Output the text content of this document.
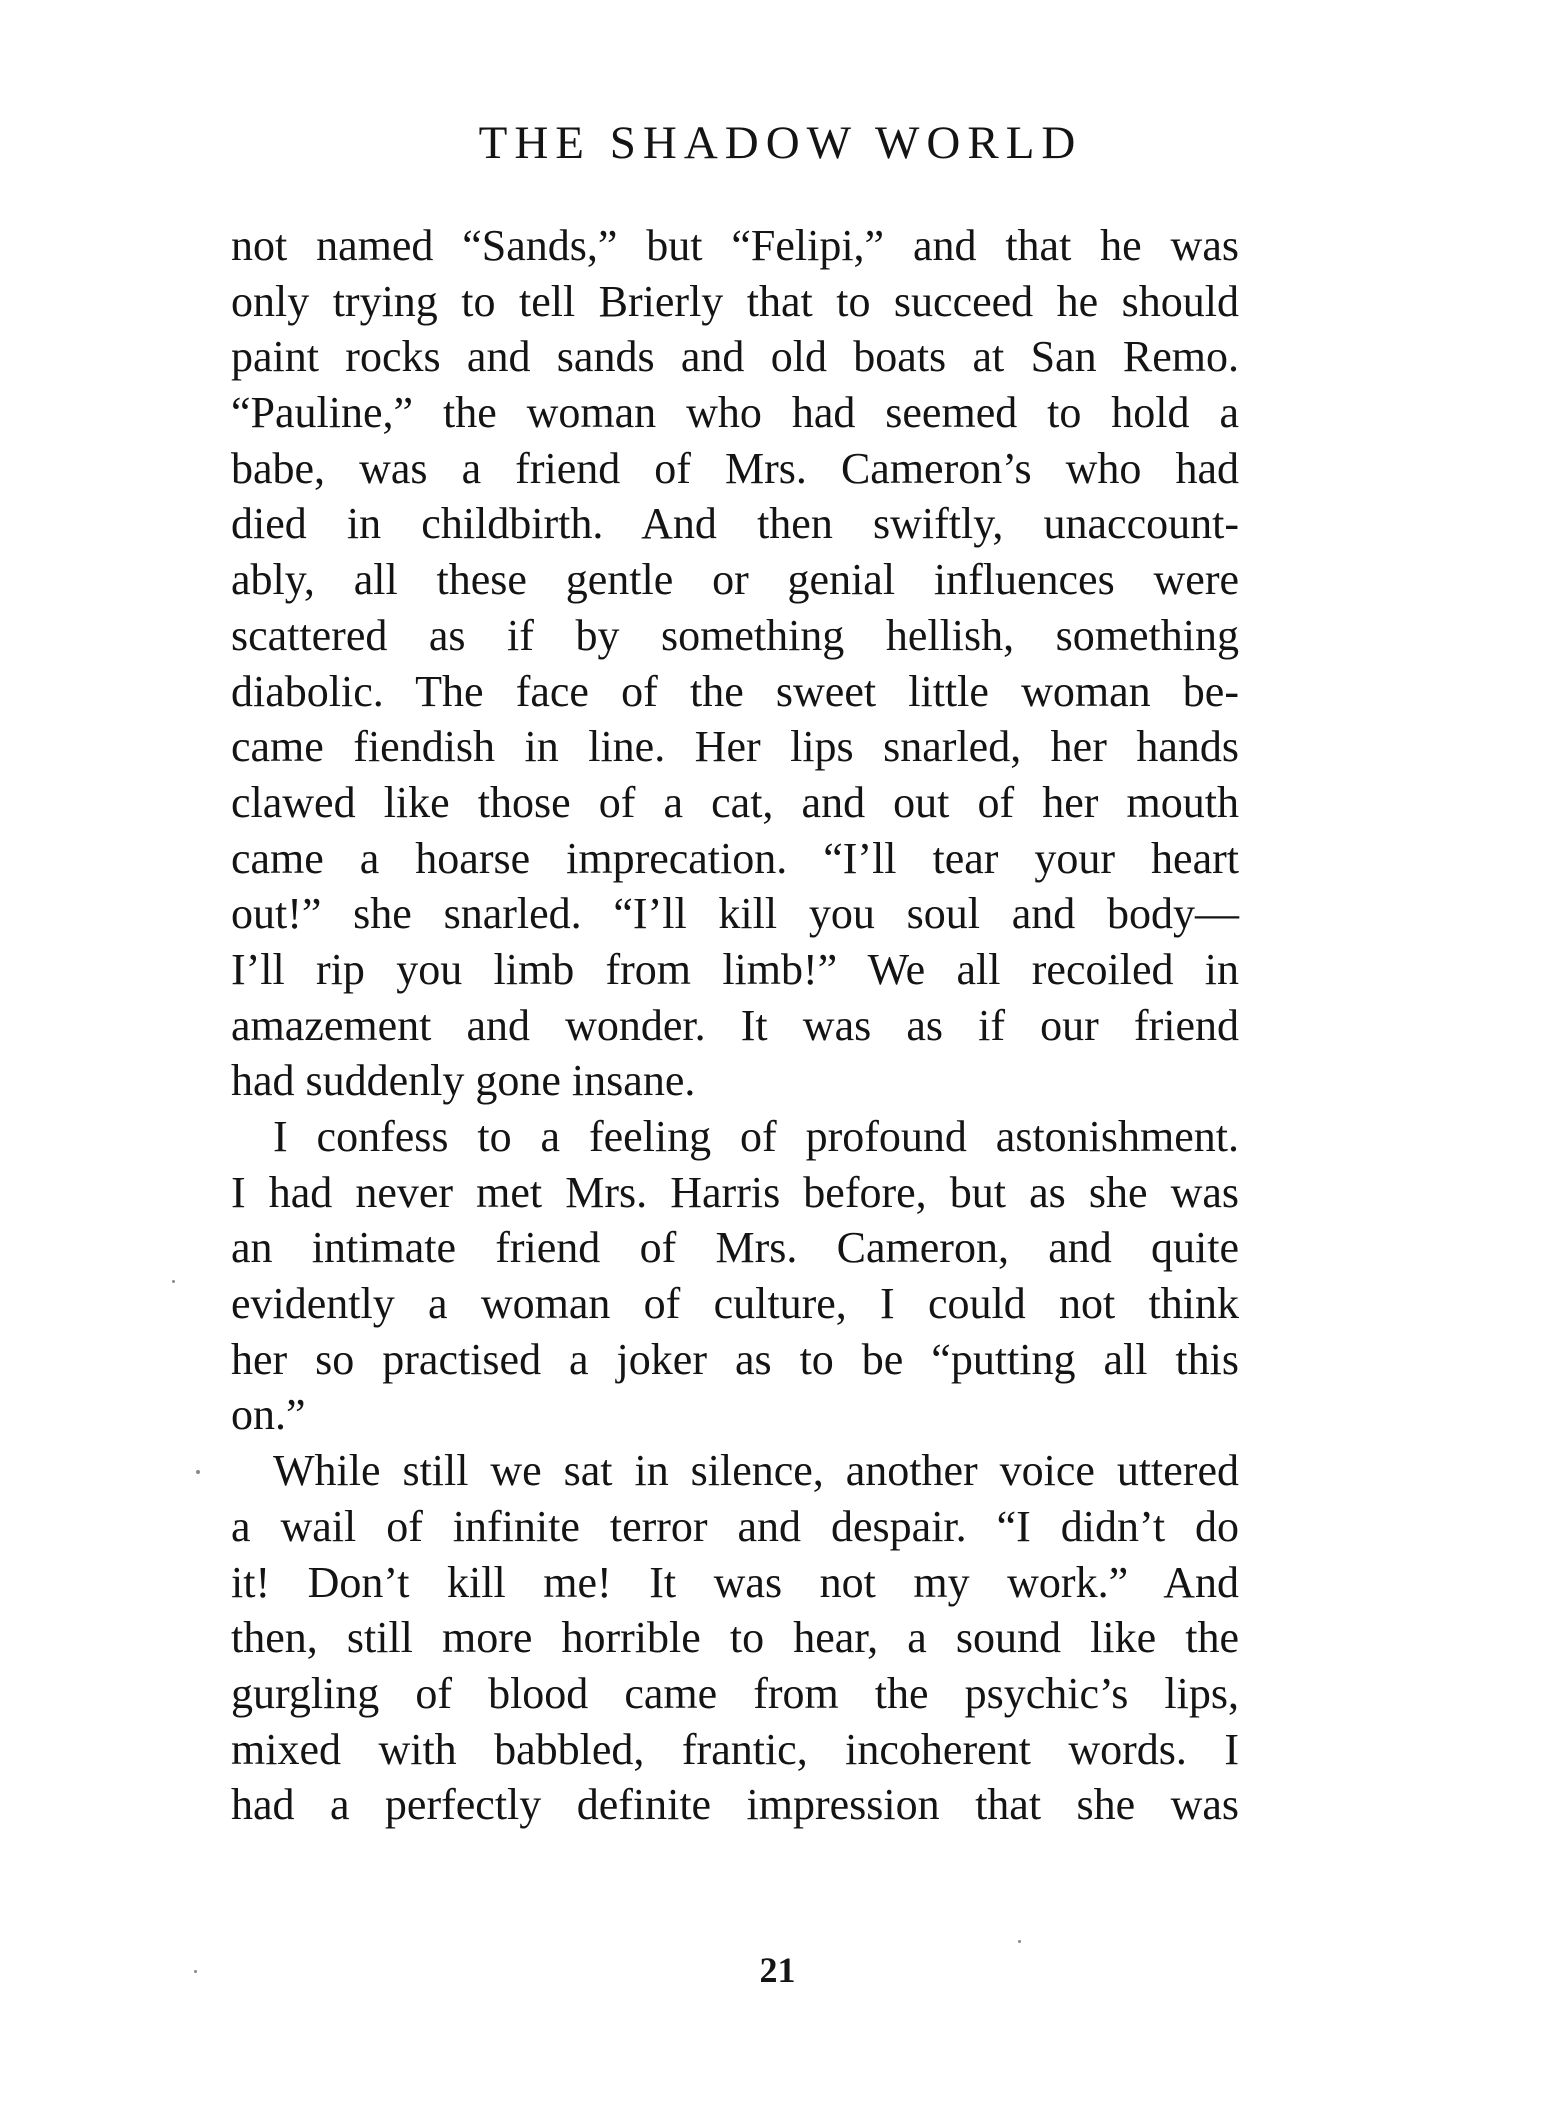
THE SHADOW WORLD
not named “Sands,” but “Felipi,” and that he was
only trying to tell Brierly that to succeed he should
paint rocks and sands and old boats at San Remo.
“Pauline,” the woman who had seemed to hold a
babe, was a friend of Mrs. Cameron’s who had
died in childbirth. And then swiftly, unaccount-
ably, all these gentle or genial influences were
scattered as if by something hellish, something
diabolic. The face of the sweet little woman be-
came fiendish in line. Her lips snarled, her hands
clawed like those of a cat, and out of her mouth
came a hoarse imprecation. “I’ll tear your heart
out!” she snarled. “I’ll kill you soul and body—
I’ll rip you limb from limb!” We all recoiled in
amazement and wonder. It was as if our friend
had suddenly gone insane.
I confess to a feeling of profound astonishment.
I had never met Mrs. Harris before, but as she was
an intimate friend of Mrs. Cameron, and quite
evidently a woman of culture, I could not think
her so practised a joker as to be “putting all this
on.”
While still we sat in silence, another voice uttered
a wail of infinite terror and despair. “I didn’t do
it! Don’t kill me! It was not my work.” And
then, still more horrible to hear, a sound like the
gurgling of blood came from the psychic’s lips,
mixed with babbled, frantic, incoherent words. I
had a perfectly definite impression that she was
21
